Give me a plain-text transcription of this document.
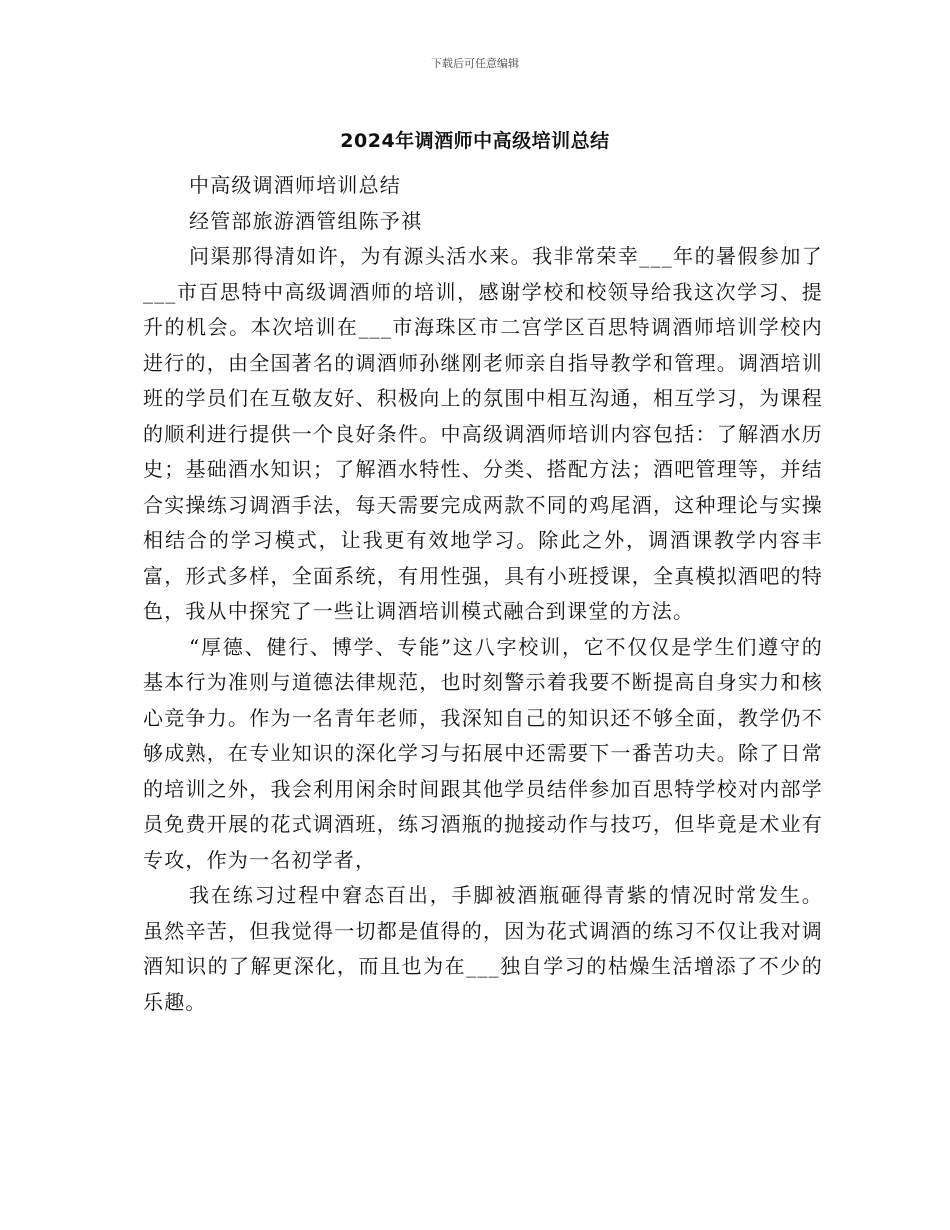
下载后可任意编辑
2024年调酒师中高级培训总结

中高级调酒师培训总结

经管部旅游酒管组陈予祺

问渠那得清如许，为有源头活水来。我非常荣幸___年的暑假参加了___市百思特中高级调酒师的培训，感谢学校和校领导给我这次学习、提升的机会。本次培训在___市海珠区市二宫学区百思特调酒师培训学校内进行的，由全国著名的调酒师孙继刚老师亲自指导教学和管理。调酒培训班的学员们在互敬友好、积极向上的氛围中相互沟通，相互学习，为课程的顺利进行提供一个良好条件。中高级调酒师培训内容包括：了解酒水历史；基础酒水知识；了解酒水特性、分类、搭配方法；酒吧管理等，并结合实操练习调酒手法，每天需要完成两款不同的鸡尾酒，这种理论与实操相结合的学习模式，让我更有效地学习。除此之外，调酒课教学内容丰富，形式多样，全面系统，有用性强，具有小班授课，全真模拟酒吧的特色，我从中探究了一些让调酒培训模式融合到课堂的方法。

“厚德、健行、博学、专能”这八字校训，它不仅仅是学生们遵守的基本行为准则与道德法律规范，也时刻警示着我要不断提高自身实力和核心竞争力。作为一名青年老师，我深知自己的知识还不够全面，教学仍不够成熟，在专业知识的深化学习与拓展中还需要下一番苦功夫。除了日常的培训之外，我会利用闲余时间跟其他学员结伴参加百思特学校对内部学员免费开展的花式调酒班，练习酒瓶的抛接动作与技巧，但毕竟是术业有专攻，作为一名初学者，

我在练习过程中窘态百出，手脚被酒瓶砸得青紫的情况时常发生。虽然辛苦，但我觉得一切都是值得的，因为花式调酒的练习不仅让我对调酒知识的了解更深化，而且也为在___独自学习的枯燥生活增添了不少的乐趣。
